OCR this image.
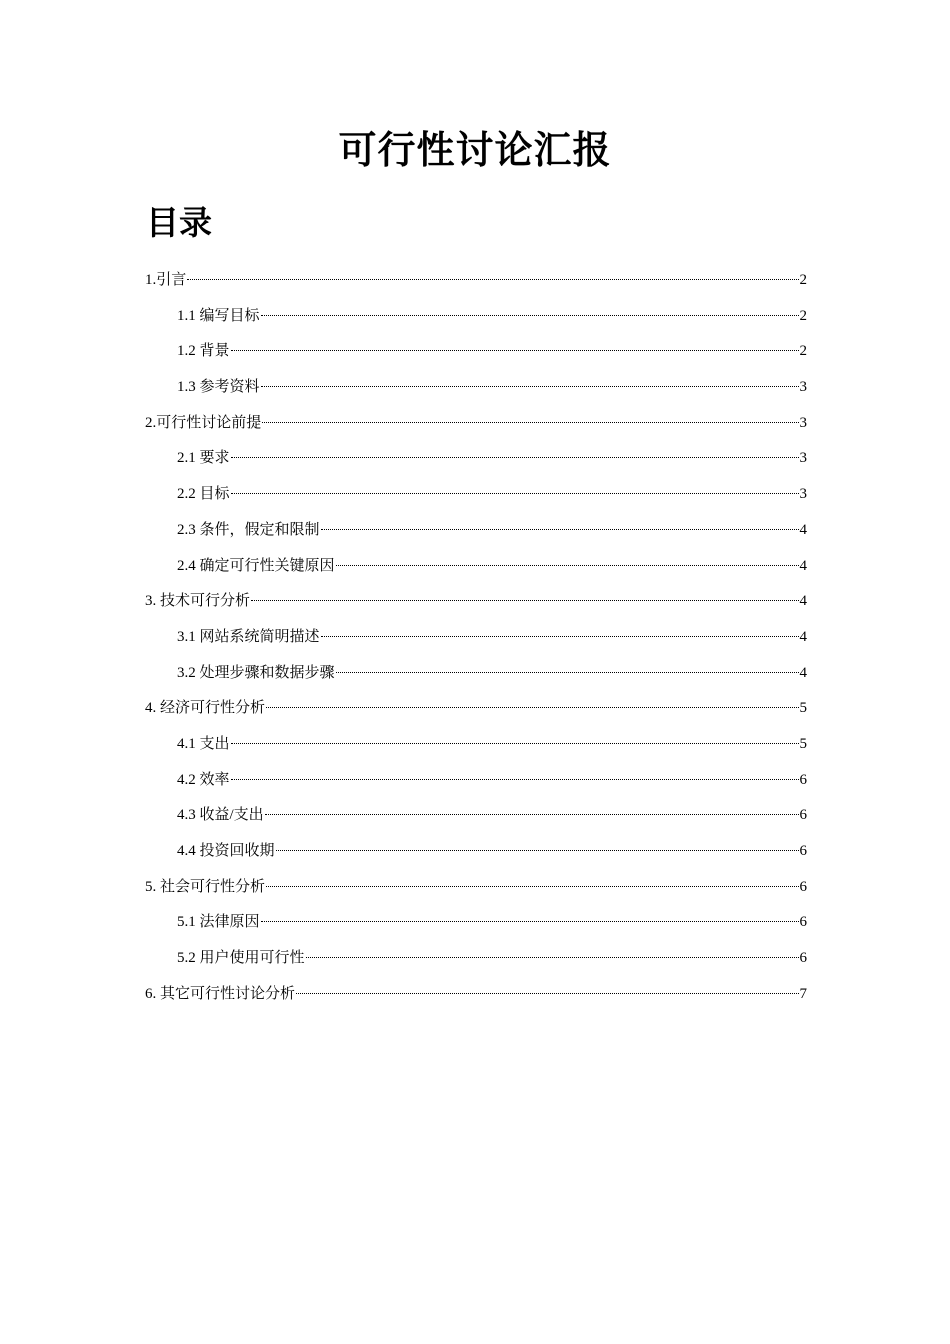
可行性讨论汇报
目录
1.引言	2
1.1 编写目标	2
1.2 背景	2
1.3 参考资料	3
2.可行性讨论前提	3
2.1 要求	3
2.2 目标	3
2.3 条件，假定和限制	4
2.4 确定可行性关键原因	4
3. 技术可行分析	4
3.1 网站系统简明描述	4
3.2 处理步骤和数据步骤	4
4. 经济可行性分析	5
4.1 支出	5
4.2 效率	6
4.3 收益/支出	6
4.4 投资回收期	6
5. 社会可行性分析	6
5.1 法律原因	6
5.2 用户使用可行性	6
6. 其它可行性讨论分析	7
